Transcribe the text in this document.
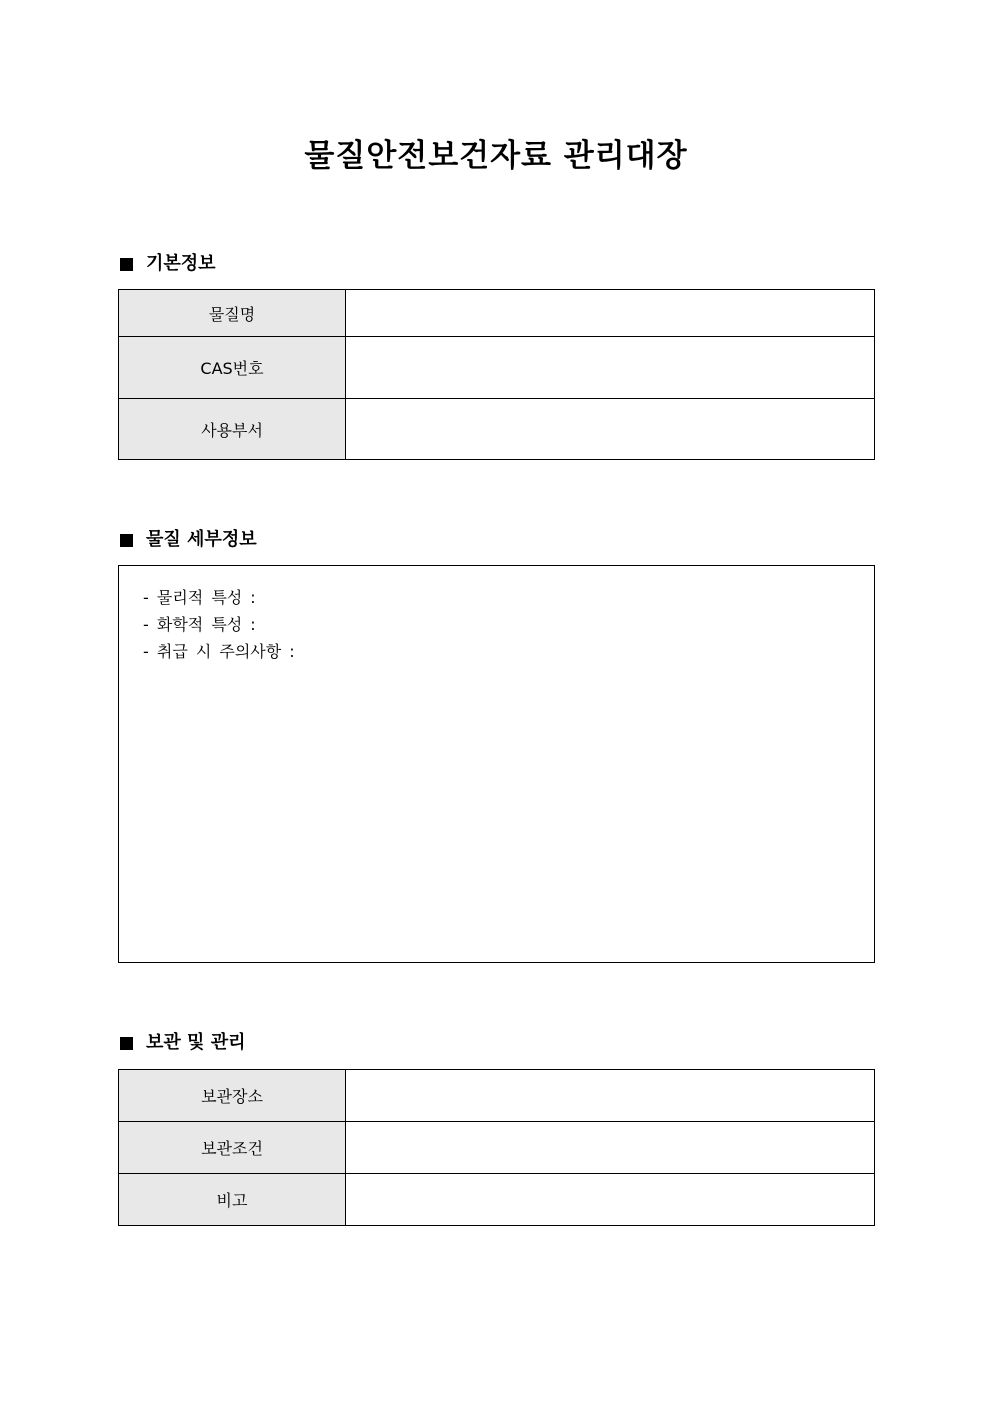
물질안전보건자료 관리대장
기본정보
물질명	
CAS번호	
사용부서	
물질 세부정보
- 물리적 특성 :
- 화학적 특성 :
- 취급 시 주의사항 :
보관 및 관리
보관장소	
보관조건	
비고	
